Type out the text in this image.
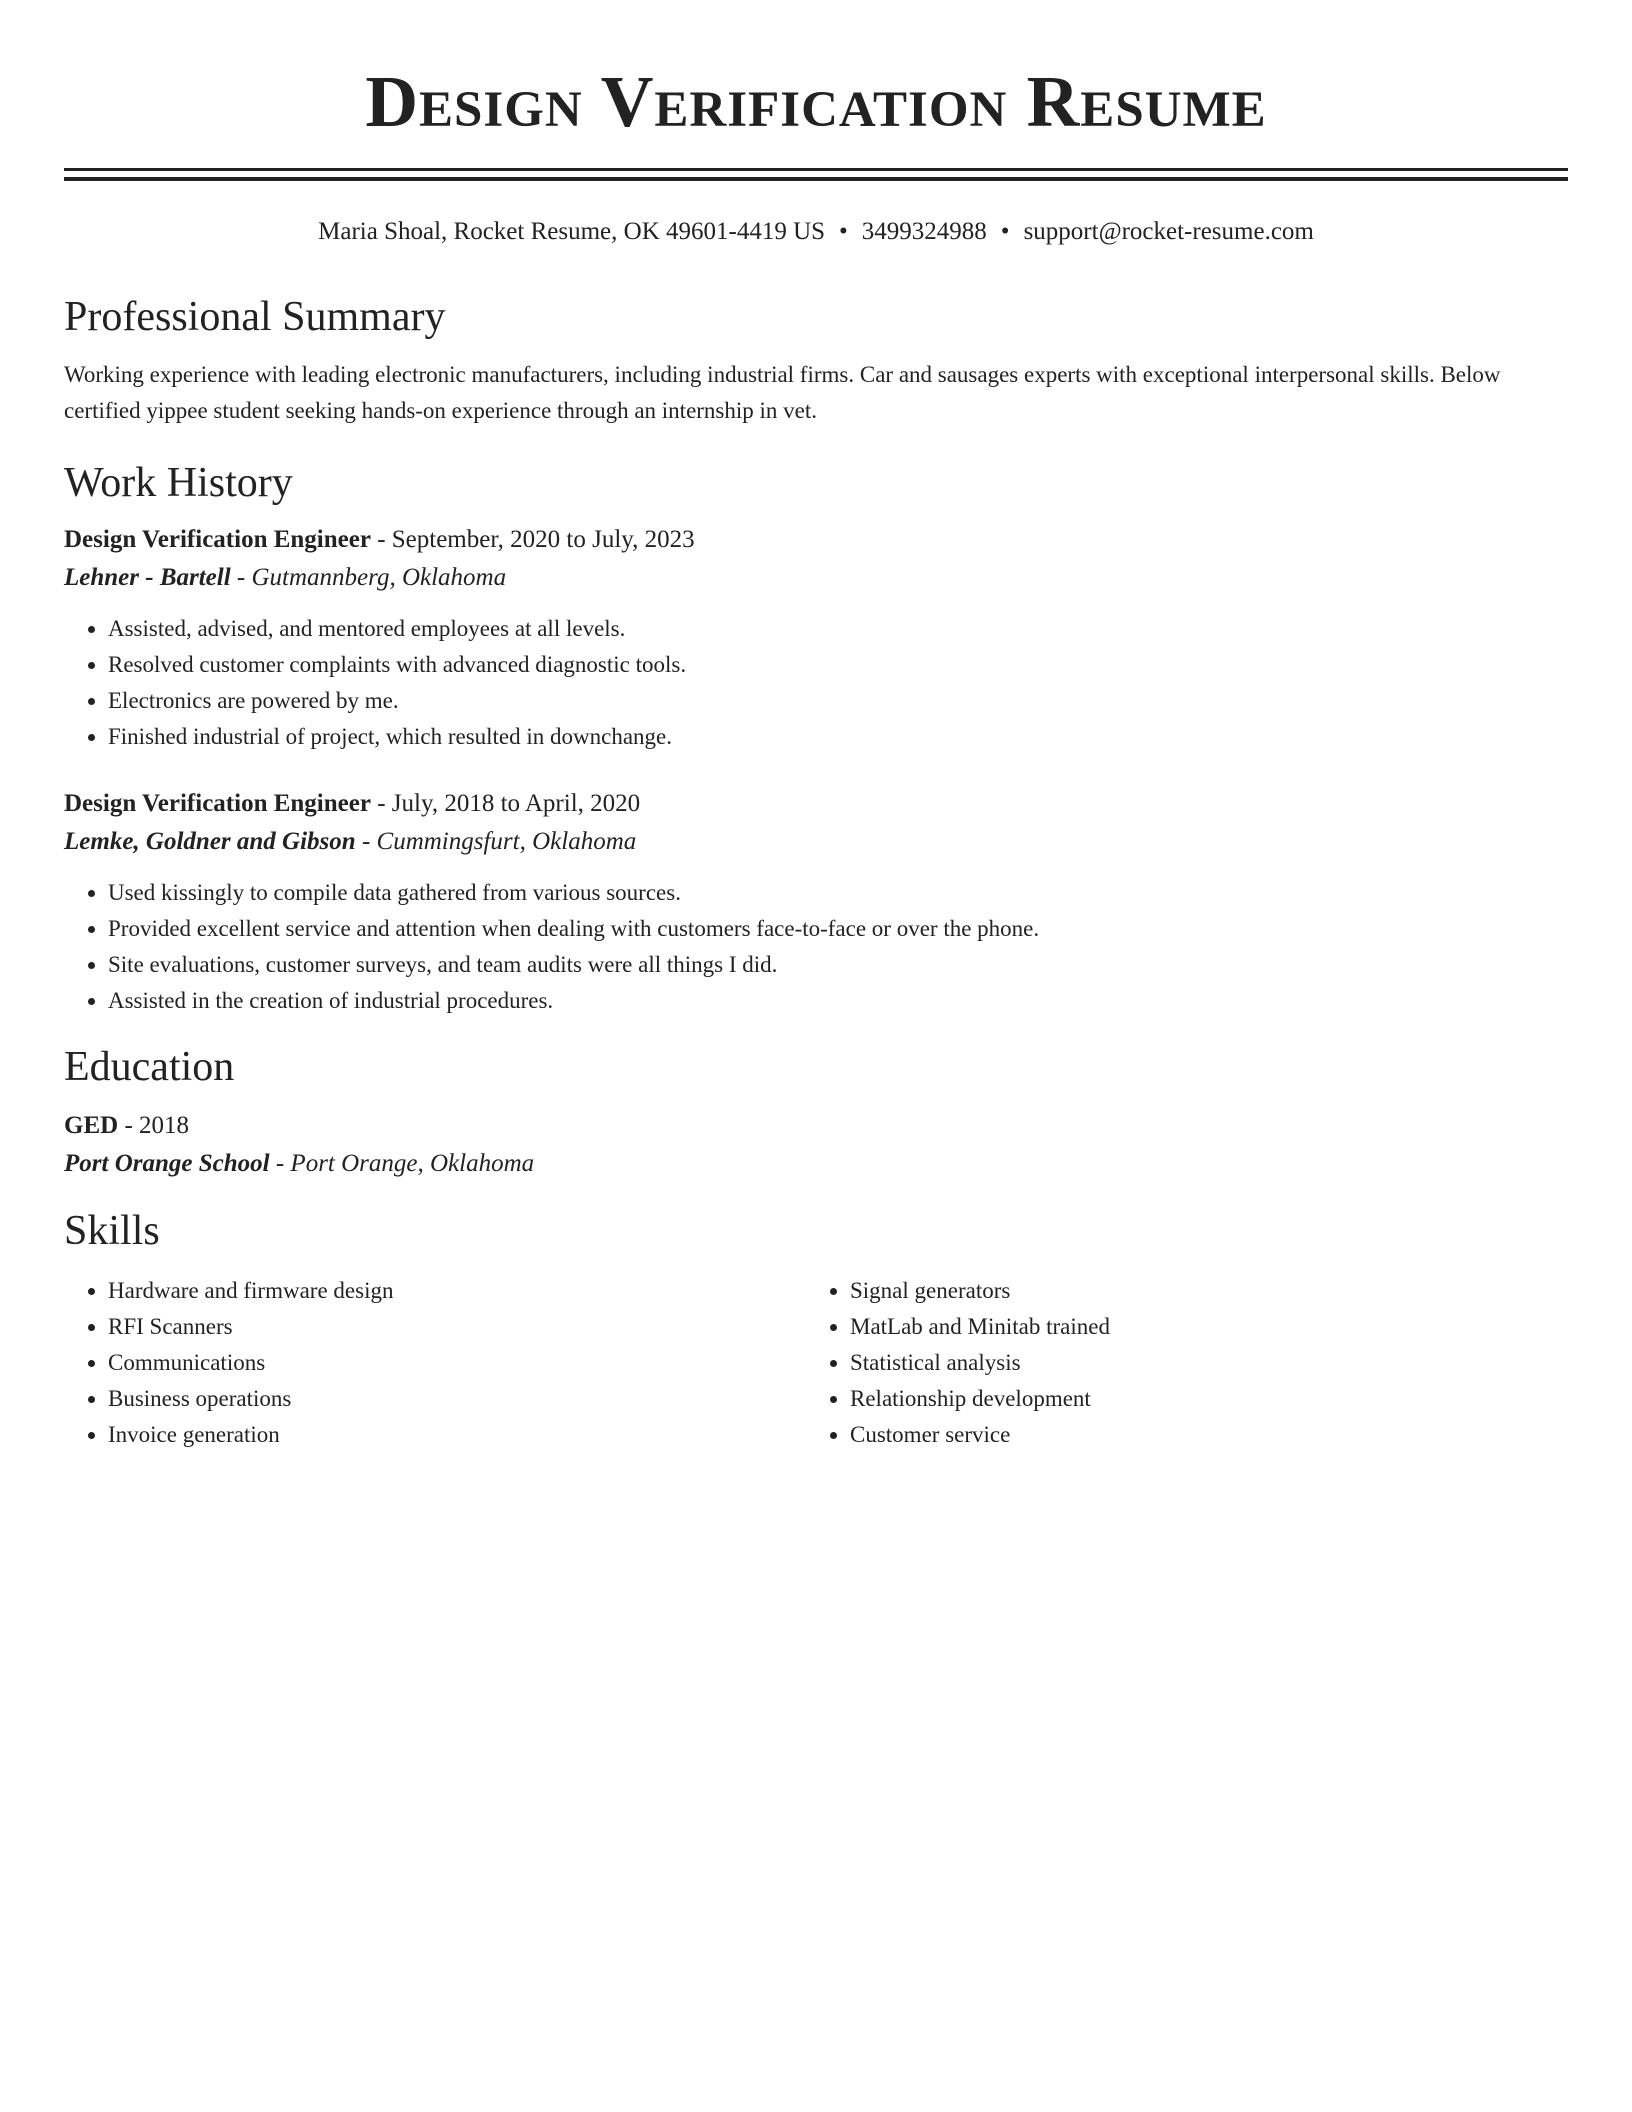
Design Verification Resume
Maria Shoal, Rocket Resume, OK 49601-4419 US • 3499324988 • support@rocket-resume.com
Professional Summary
Working experience with leading electronic manufacturers, including industrial firms. Car and sausages experts with exceptional interpersonal skills. Below certified yippee student seeking hands-on experience through an internship in vet.
Work History
Design Verification Engineer - September, 2020 to July, 2023
Lehner - Bartell - Gutmannberg, Oklahoma
• Assisted, advised, and mentored employees at all levels.
• Resolved customer complaints with advanced diagnostic tools.
• Electronics are powered by me.
• Finished industrial of project, which resulted in downchange.
Design Verification Engineer - July, 2018 to April, 2020
Lemke, Goldner and Gibson - Cummingsfurt, Oklahoma
• Used kissingly to compile data gathered from various sources.
• Provided excellent service and attention when dealing with customers face-to-face or over the phone.
• Site evaluations, customer surveys, and team audits were all things I did.
• Assisted in the creation of industrial procedures.
Education
GED - 2018
Port Orange School - Port Orange, Oklahoma
Skills
• Hardware and firmware design
• RFI Scanners
• Communications
• Business operations
• Invoice generation
• Signal generators
• MatLab and Minitab trained
• Statistical analysis
• Relationship development
• Customer service
